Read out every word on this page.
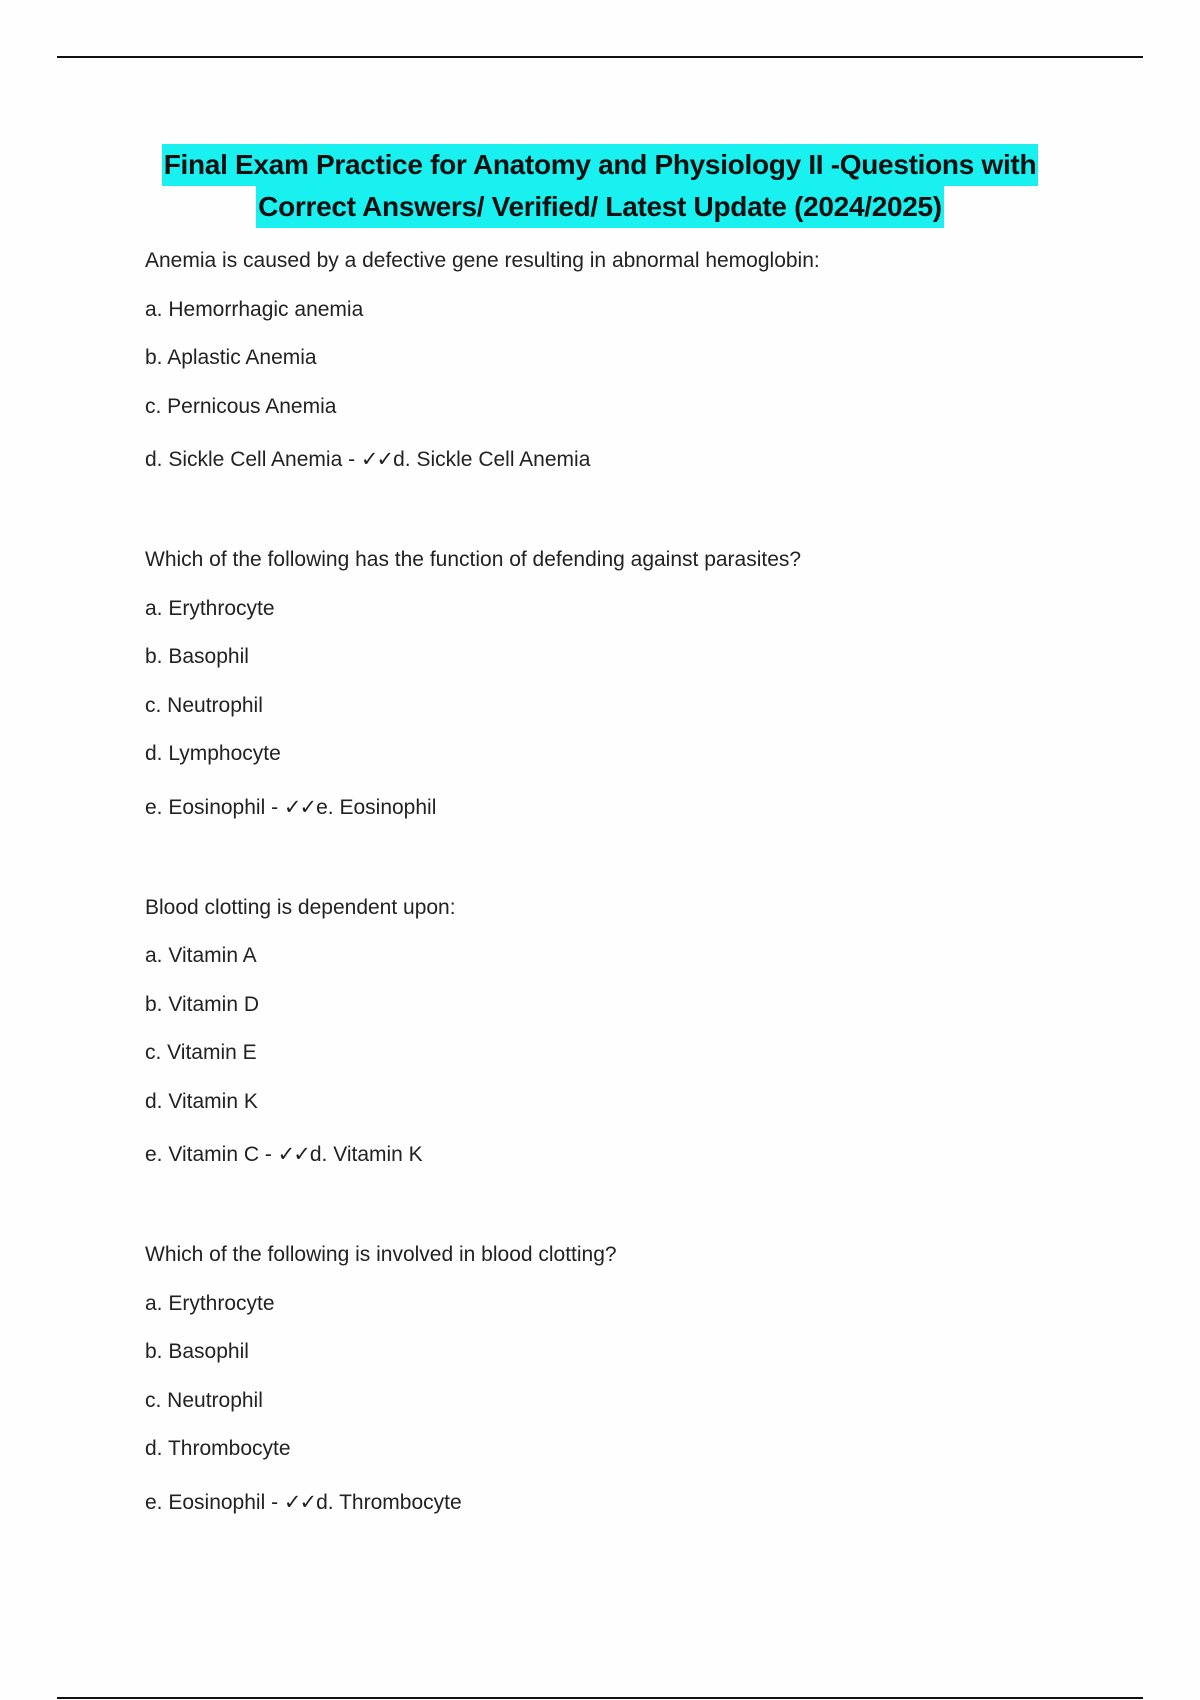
Final Exam Practice for Anatomy and Physiology II -Questions with
Correct Answers/ Verified/ Latest Update (2024/2025)
Anemia is caused by a defective gene resulting in abnormal hemoglobin:
a. Hemorrhagic anemia
b. Aplastic Anemia
c. Pernicous Anemia
d. Sickle Cell Anemia - ✓✓d. Sickle Cell Anemia
Which of the following has the function of defending against parasites?
a. Erythrocyte
b. Basophil
c. Neutrophil
d. Lymphocyte
e. Eosinophil - ✓✓e. Eosinophil
Blood clotting is dependent upon:
a. Vitamin A
b. Vitamin D
c. Vitamin E
d. Vitamin K
e. Vitamin C - ✓✓d. Vitamin K
Which of the following is involved in blood clotting?
a. Erythrocyte
b. Basophil
c. Neutrophil
d. Thrombocyte
e. Eosinophil - ✓✓d. Thrombocyte
